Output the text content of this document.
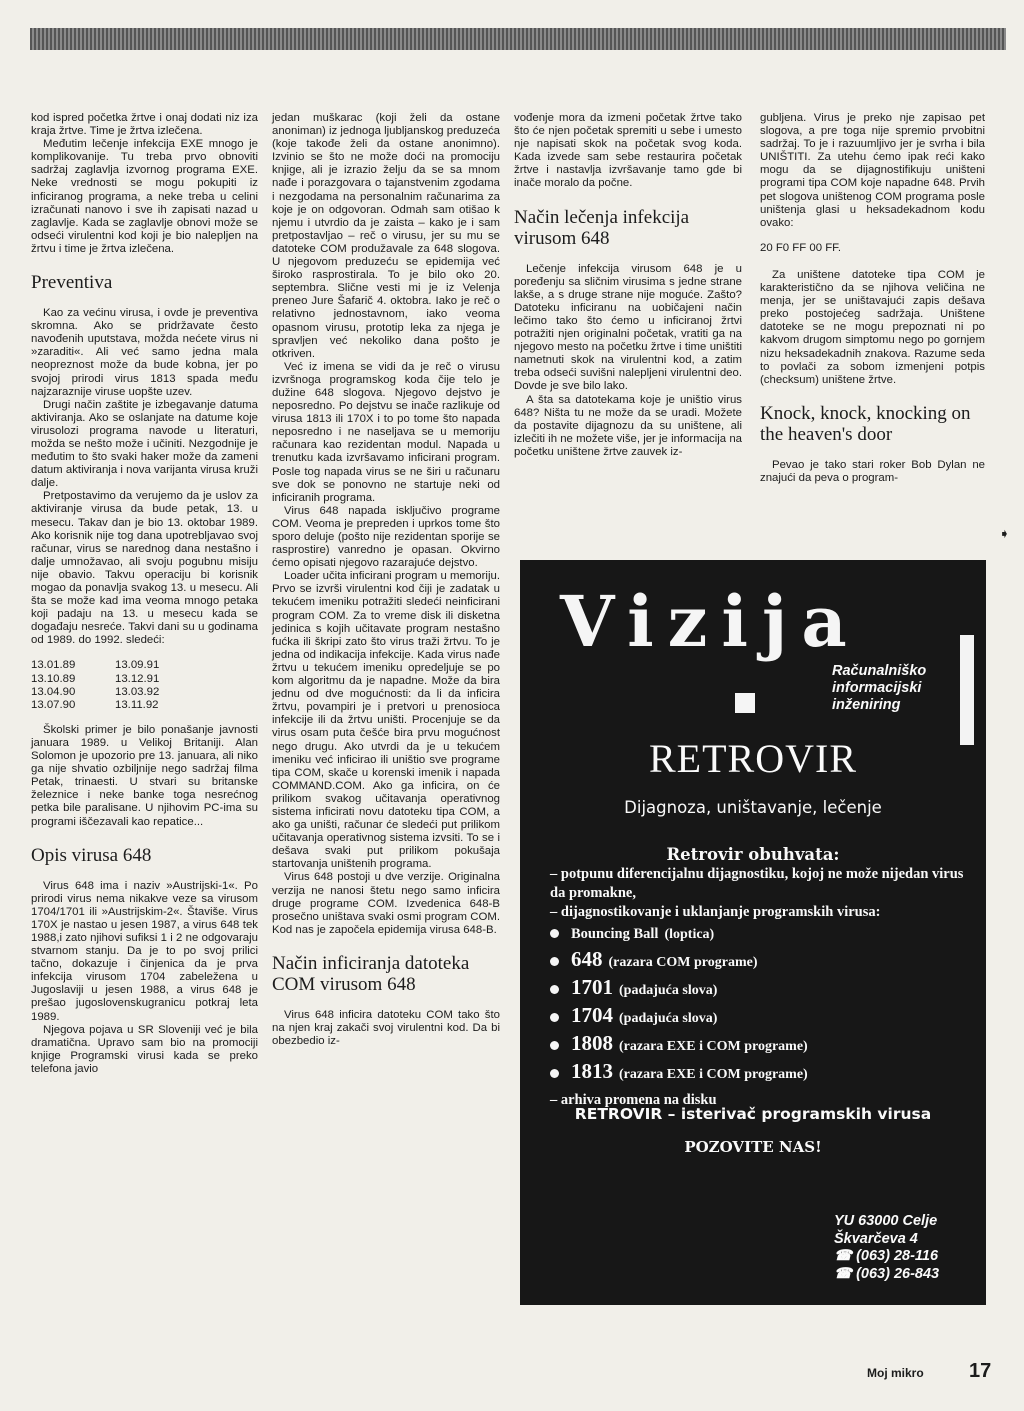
kod ispred početka žrtve i onaj dodati niz iza kraja žrtve. Time je žrtva izlečena.

Međutim lečenje infekcija EXE mnogo je komplikovanije. Tu treba prvo obnoviti sadržaj zaglavlja izvornog programa EXE. Neke vrednosti se mogu pokupiti iz inficiranog programa, a neke treba u celini izračunati nanovo i sve ih zapisati nazad u zaglavlje. Kada se zaglavlje obnovi može se odseći virulentni kod koji je bio nalepljen na žrtvu i time je žrtva izlečena.

Preventiva

Kao za većinu virusa, i ovde je preventiva skromna. Ako se pridržavate često navođenih uputstava, možda nećete virus ni »zaraditi«. Ali već samo jedna mala neopreznost može da bude kobna, jer po svojoj prirodi virus 1813 spada među najzaraznije viruse uopšte uzev.

Drugi način zaštite je izbegavanje datuma aktiviranja. Ako se oslanjate na datume koje virusolozi programa navode u literaturi, možda se nešto može i učiniti. Nezgodnije je međutim to što svaki haker može da zameni datum aktiviranja i nova varijanta virusa kruži dalje.

Pretpostavimo da verujemo da je uslov za aktiviranje virusa da bude petak, 13. u mesecu. Takav dan je bio 13. oktobar 1989. Ako korisnik nije tog dana upotrebljavao svoj računar, virus se narednog dana nestašno i dalje umnožavao, ali svoju pogubnu misiju nije obavio. Takvu operaciju bi korisnik mogao da ponavlja svakog 13. u mesecu. Ali šta se može kad ima veoma mnogo petaka koji padaju na 13. u mesecu kada se događaju nesreće. Takvi dani su u godinama od 1989. do 1992. sledeći:

13.01.89	13.09.91
13.10.89	13.12.91
13.04.90	13.03.92
13.07.90	13.11.92

Školski primer je bilo ponašanje javnosti januara 1989. u Velikoj Britaniji. Alan Solomon je upozorio pre 13. januara, ali niko ga nije shvatio ozbiljnije nego sadržaj filma Petak, trinaesti. U stvari su britanske železnice i neke banke toga nesrećnog petka bile paralisane. U njihovim PC-ima su programi iščezavali kao repatice...

Opis virusa 648

Virus 648 ima i naziv »Austrijski-1«. Po prirodi virus nema nikakve veze sa virusom 1704/1701 ili »Austrijskim-2«. Štaviše. Virus 170X je nastao u jesen 1987, a virus 648 tek 1988,i zato njihovi sufiksi 1 i 2 ne odgovaraju stvarnom stanju. Da je to po svoj prilici tačno, dokazuje i činjenica da je prva infekcija virusom 1704 zabeležena u Jugoslaviji u jesen 1988, a virus 648 je prešao jugoslovenskugranicu potkraj leta 1989.

Njegova pojava u SR Sloveniji već je bila dramatična. Upravo sam bio na promociji knjige Programski virusi kada se preko telefona javio

jedan muškarac (koji želi da ostane anoniman) iz jednoga ljubljanskog preduzeća (koje takođe želi da ostane anonimno). Izvinio se što ne može doći na promociju knjige, ali je izrazio želju da se sa mnom nađe i porazgovara o tajanstvenim zgodama i nezgodama na personalnim računarima za koje je on odgovoran. Odmah sam otišao k njemu i utvrdio da je zaista – kako je i sam pretpostavljao – reč o virusu, jer su mu se datoteke COM produžavale za 648 slogova. U njegovom preduzeću se epidemija već široko rasprostirala. To je bilo oko 20. septembra. Slične vesti mi je iz Velenja preneo Jure Šafarič 4. oktobra. Iako je reč o relativno jednostavnom, iako veoma opasnom virusu, prototip leka za njega je spravljen već nekoliko dana pošto je otkriven.

Već iz imena se vidi da je reč o virusu izvršnoga programskog koda čije telo je dužine 648 slogova. Njegovo dejstvo je neposredno. Po dejstvu se inače razlikuje od virusa 1813 ili 170X i to po tome što napada neposredno i ne naseljava se u memoriju računara kao rezidentan modul. Napada u trenutku kada izvršavamo inficirani program. Posle tog napada virus se ne širi u računaru sve dok se ponovno ne startuje neki od inficiranih programa.

Virus 648 napada isključivo programe COM. Veoma je prepreden i uprkos tome što sporo deluje (pošto nije rezidentan sporije se rasprostire) vanredno je opasan. Okvirno ćemo opisati njegovo razarajuće dejstvo.

Loader učita inficirani program u memoriju. Prvo se izvrši virulentni kod čiji je zadatak u tekućem imeniku potražiti sledeći neinficirani program COM. Za to vreme disk ili disketna jedinica s kojih učitavate program nestašno fućka ili škripi zato što virus traži žrtvu. To je jedna od indikacija infekcije. Kada virus nađe žrtvu u tekućem imeniku opredeljuje se po kom algoritmu da je napadne. Može da bira jednu od dve mogućnosti: da li da inficira žrtvu, povampiri je i pretvori u prenosioca infekcije ili da žrtvu uništi. Procenjuje se da virus osam puta češće bira prvu mogućnost nego drugu. Ako utvrdi da je u tekućem imeniku već inficirao ili uništio sve programe tipa COM, skače u korenski imenik i napada COMMAND.COM. Ako ga inficira, on će prilikom svakog učitavanja operativnog sistema inficirati novu datoteku tipa COM, a ako ga uništi, računar će sledeći put prilikom učitavanja operativnog sistema izvsiti. To se i dešava svaki put prilikom pokušaja startovanja uništenih programa.

Virus 648 postoji u dve verzije. Originalna verzija ne nanosi štetu nego samo inficira druge programe COM. Izvedenica 648-B prosečno uništava svaki osmi program COM. Kod nas je započela epidemija virusa 648-B.

Način inficiranja datoteka COM virusom 648

Virus 648 inficira datoteku COM tako što na njen kraj zakači svoj virulentni kod. Da bi obezbedio iz-

vođenje mora da izmeni početak žrtve tako što će njen početak spremiti u sebe i umesto nje napisati skok na početak svog koda. Kada izvede sam sebe restaurira početak žrtve i nastavlja izvršavanje tamo gde bi inače moralo da počne.

Način lečenja infekcija virusom 648

Lečenje infekcija virusom 648 je u poređenju sa sličnim virusima s jedne strane lakše, a s druge strane nije moguće. Zašto? Datoteku inficiranu na uobičajeni način lečimo tako što ćemo u inficiranoj žrtvi potražiti njen originalni početak, vratiti ga na njegovo mesto na početku žrtve i time uništiti nametnuti skok na virulentni kod, a zatim treba odseći suvišni nalepljeni virulentni deo. Dovde je sve bilo lako.

A šta sa datotekama koje je uništio virus 648? Ništa tu ne može da se uradi. Možete da postavite dijagnozu da su uništene, ali izlečiti ih ne možete više, jer je informacija na početku uništene žrtve zauvek iz-

gubljena. Virus je preko nje zapisao pet slogova, a pre toga nije spremio prvobitni sadržaj. To je i razuumljivo jer je svrha i bila UNIŠTITI. Za utehu ćemo ipak reći kako mogu da se dijagnostifikuju uništeni programi tipa COM koje napadne 648. Prvih pet slogova uništenog COM programa posle uništenja glasi u heksadekadnom kodu ovako:

20 F0 FF 00 FF.

Za uništene datoteke tipa COM je karakteristično da se njihova veličina ne menja, jer se uništavajući zapis dešava preko postojećeg sadržaja. Uništene datoteke se ne mogu prepoznati ni po kakvom drugom simptomu nego po gornjem nizu heksadekadnih znakova. Razume seda to povlači za sobom izmenjeni potpis (checksum) uništene žrtve.

Knock, knock, knocking on the heaven's door

Pevao je tako stari roker Bob Dylan ne znajući da peva o program-

➧
Vizija
Računalniško
informacijski
inženiring
RETROVIR
Dijagnoza, uništavanje, lečenje
Retrovir obuhvata:
– potpunu diferencijalnu dijagnostiku, kojoj ne može nijedan virus da promakne,
– dijagnostikovanje i uklanjanje programskih virusa:
Bouncing Ball (loptica)
648 (razara COM programe)
1701 (padajuća slova)
1704 (padajuća slova)
1808 (razara EXE i COM programe)
1813 (razara EXE i COM programe)
– arhiva promena na disku
RETROVIR – isterivač programskih virusa
POZOVITE NAS!
YU 63000 Celje
Škvarčeva 4
☎ (063) 28-116
☎ (063) 26-843
Moj mikro 17
